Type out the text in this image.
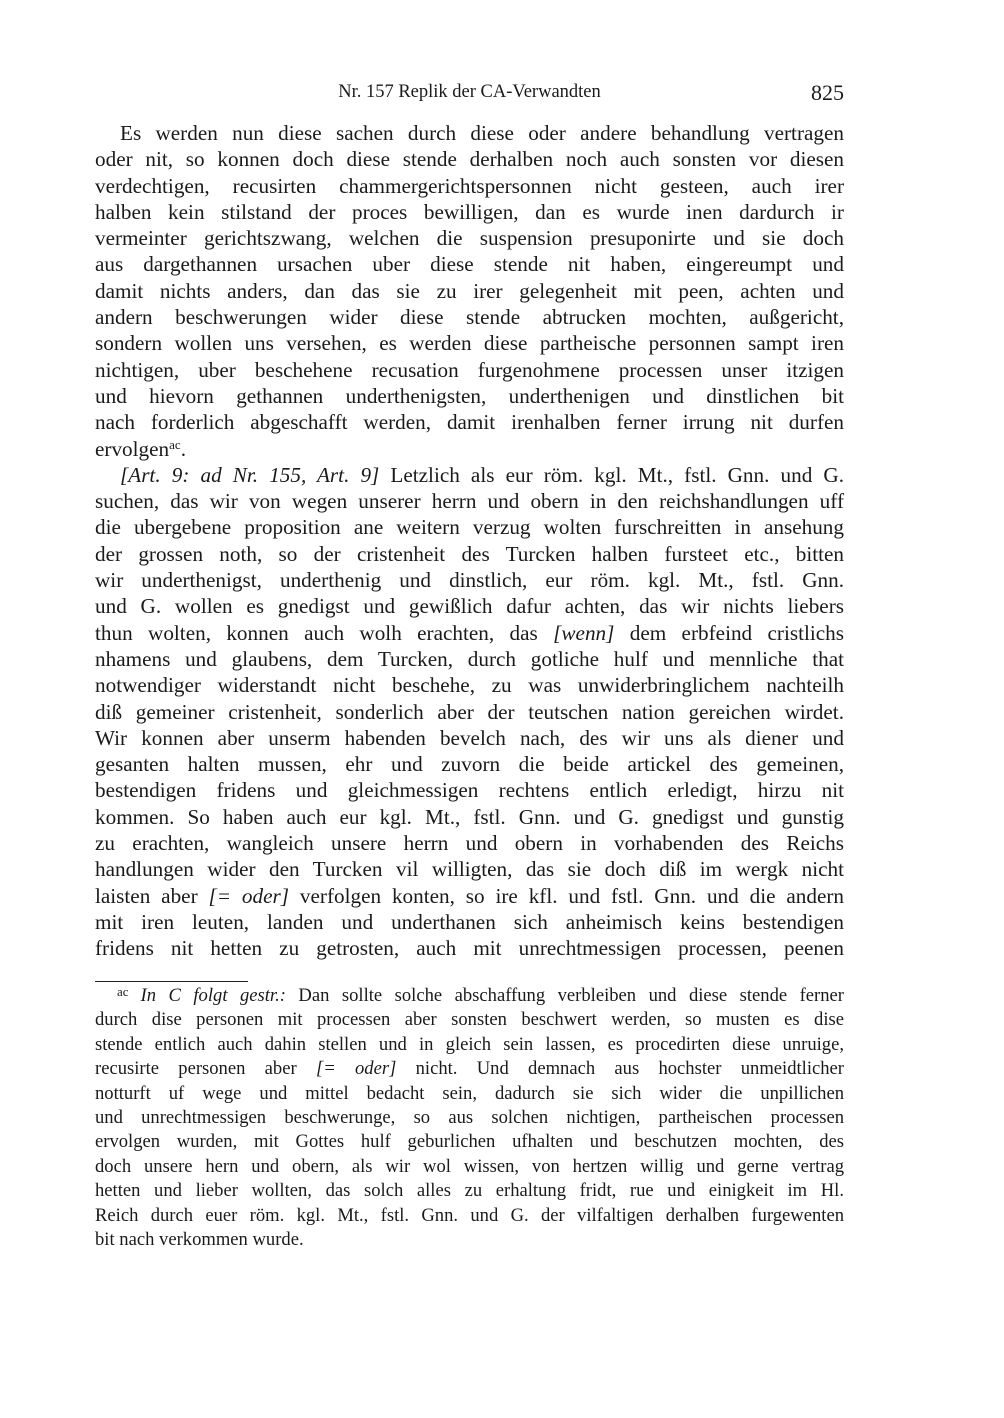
Nr. 157 Replik der CA-Verwandten	825
Es werden nun diese sachen durch diese oder andere behandlung vertragen
oder nit, so konnen doch diese stende derhalben noch auch sonsten vor diesen
verdechtigen, recusirten chammergerichtspersonnen nicht gesteen, auch irer
halben kein stilstand der proces bewilligen, dan es wurde inen dardurch ir
vermeinter gerichtszwang, welchen die suspension presuponirte und sie doch
aus dargethannen ursachen uber diese stende nit haben, eingereumpt und
damit nichts anders, dan das sie zu irer gelegenheit mit peen, achten und
andern beschwerungen wider diese stende abtrucken mochten, außgericht,
sondern wollen uns versehen, es werden diese partheische personnen sampt iren
nichtigen, uber beschehene recusation furgenohmene processen unser itzigen
und hievorn gethannen underthenigsten, underthenigen und dinstlichen bit
nach forderlich abgeschafft werden, damit irenhalben ferner irrung nit durfen
ervolgen$^{ac}$.
[Art. 9: ad Nr. 155, Art. 9] Letzlich als eur röm. kgl. Mt., fstl. Gnn. und G.
suchen, das wir von wegen unserer herrn und obern in den reichshandlungen uff
die ubergebene proposition ane weitern verzug wolten furschreitten in ansehung
der grossen noth, so der cristenheit des Turcken halben fursteet etc., bitten
wir underthenigst, underthenig und dinstlich, eur röm. kgl. Mt., fstl. Gnn.
und G. wollen es gnedigst und gewißlich dafur achten, das wir nichts liebers
thun wolten, konnen auch wolh erachten, das [wenn] dem erbfeind cristlichs
nhamens und glaubens, dem Turcken, durch gotliche hulf und mennliche that
notwendiger widerstandt nicht beschehe, zu was unwiderbringlichem nachteilh
diß gemeiner cristenheit, sonderlich aber der teutschen nation gereichen wirdet.
Wir konnen aber unserm habenden bevelch nach, des wir uns als diener und
gesanten halten mussen, ehr und zuvorn die beide artickel des gemeinen,
bestendigen fridens und gleichmessigen rechtens entlich erledigt, hirzu nit
kommen. So haben auch eur kgl. Mt., fstl. Gnn. und G. gnedigst und gunstig
zu erachten, wangleich unsere herrn und obern in vorhabenden des Reichs
handlungen wider den Turcken vil willigten, das sie doch diß im wergk nicht
laisten aber [= oder] verfolgen konten, so ire kfl. und fstl. Gnn. und die andern
mit iren leuten, landen und underthanen sich anheimisch keins bestendigen
fridens nit hetten zu getrosten, auch mit unrechtmessigen processen, peenen
$^{ac}$ In C folgt gestr.: Dan sollte solche abschaffung verbleiben und diese stende ferner
durch dise personen mit processen aber sonsten beschwert werden, so musten es dise
stende entlich auch dahin stellen und in gleich sein lassen, es procedirten diese unruige,
recusirte personen aber [= oder] nicht. Und demnach aus hochster unmeidtlicher
notturft uf wege und mittel bedacht sein, dadurch sie sich wider die unpillichen
und unrechtmessigen beschwerunge, so aus solchen nichtigen, partheischen processen
ervolgen wurden, mit Gottes hulf geburlichen ufhalten und beschutzen mochten, des
doch unsere hern und obern, als wir wol wissen, von hertzen willig und gerne vertrag
hetten und lieber wollten, das solch alles zu erhaltung fridt, rue und einigkeit im Hl.
Reich durch euer röm. kgl. Mt., fstl. Gnn. und G. der vilfaltigen derhalben furgewenten
bit nach verkommen wurde.
